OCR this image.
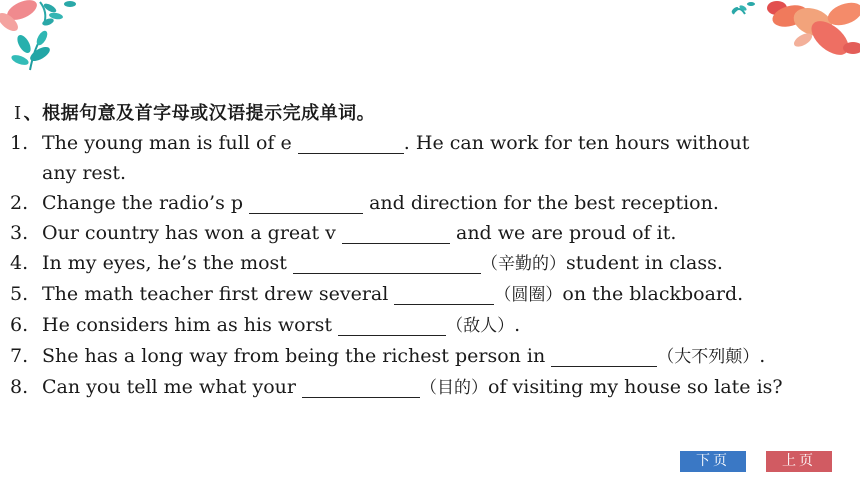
Ⅰ 、根据句意及首字母或汉语提示完成单词。
1. The young man is full of e	. He can work for ten hours without
any rest.
2. Change the radio’s p	and direction for the best reception.
3. Our country has won a great v	and we are proud of it.
4. In my eyes, he’s the most	（辛勤的）student in class.
5. The math teacher first drew several	（圆圈）on the blackboard.
6. He considers him as his worst	（敌人）.
7. She has a long way from being the richest person in	（大不列颠）.
8. Can you tell me what your	（目的）of visiting my house so late is?
下页	上页
